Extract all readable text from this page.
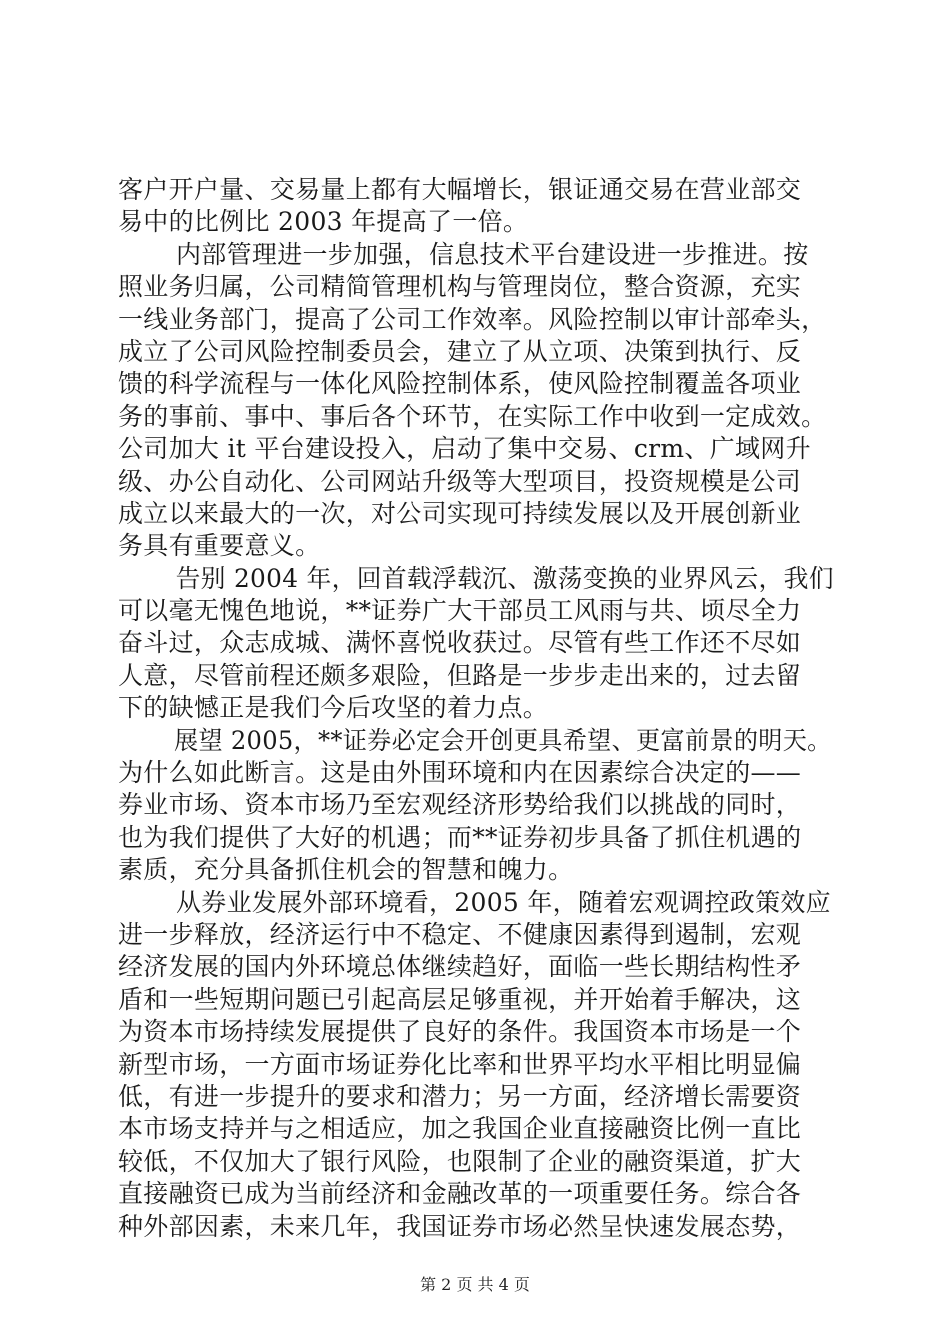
客户开户量、交易量上都有大幅增长，银证通交易在营业部交
易中的比例比 2003 年提高了一倍。
内部管理进一步加强，信息技术平台建设进一步推进。按
照业务归属，公司精简管理机构与管理岗位，整合资源，充实
一线业务部门，提高了公司工作效率。风险控制以审计部牵头，
成立了公司风险控制委员会，建立了从立项、决策到执行、反
馈的科学流程与一体化风险控制体系，使风险控制覆盖各项业
务的事前、事中、事后各个环节，在实际工作中收到一定成效。
公司加大 it 平台建设投入，启动了集中交易、crm、广域网升
级、办公自动化、公司网站升级等大型项目，投资规模是公司
成立以来最大的一次，对公司实现可持续发展以及开展创新业
务具有重要意义。
告别 2004 年，回首载浮载沉、激荡变换的业界风云，我们
可以毫无愧色地说，**证券广大干部员工风雨与共、顷尽全力
奋斗过，众志成城、满怀喜悦收获过。尽管有些工作还不尽如
人意，尽管前程还颇多艰险，但路是一步步走出来的，过去留
下的缺憾正是我们今后攻坚的着力点。
展望 2005，**证券必定会开创更具希望、更富前景的明天。
为什么如此断言。这是由外围环境和内在因素综合决定的——
券业市场、资本市场乃至宏观经济形势给我们以挑战的同时，
也为我们提供了大好的机遇；而**证券初步具备了抓住机遇的
素质，充分具备抓住机会的智慧和魄力。
从券业发展外部环境看，2005 年，随着宏观调控政策效应
进一步释放，经济运行中不稳定、不健康因素得到遏制，宏观
经济发展的国内外环境总体继续趋好，面临一些长期结构性矛
盾和一些短期问题已引起高层足够重视，并开始着手解决，这
为资本市场持续发展提供了良好的条件。我国资本市场是一个
新型市场，一方面市场证券化比率和世界平均水平相比明显偏
低，有进一步提升的要求和潜力；另一方面，经济增长需要资
本市场支持并与之相适应，加之我国企业直接融资比例一直比
较低，不仅加大了银行风险，也限制了企业的融资渠道，扩大
直接融资已成为当前经济和金融改革的一项重要任务。综合各
种外部因素，未来几年，我国证券市场必然呈快速发展态势，
第 2 页 共 4 页
